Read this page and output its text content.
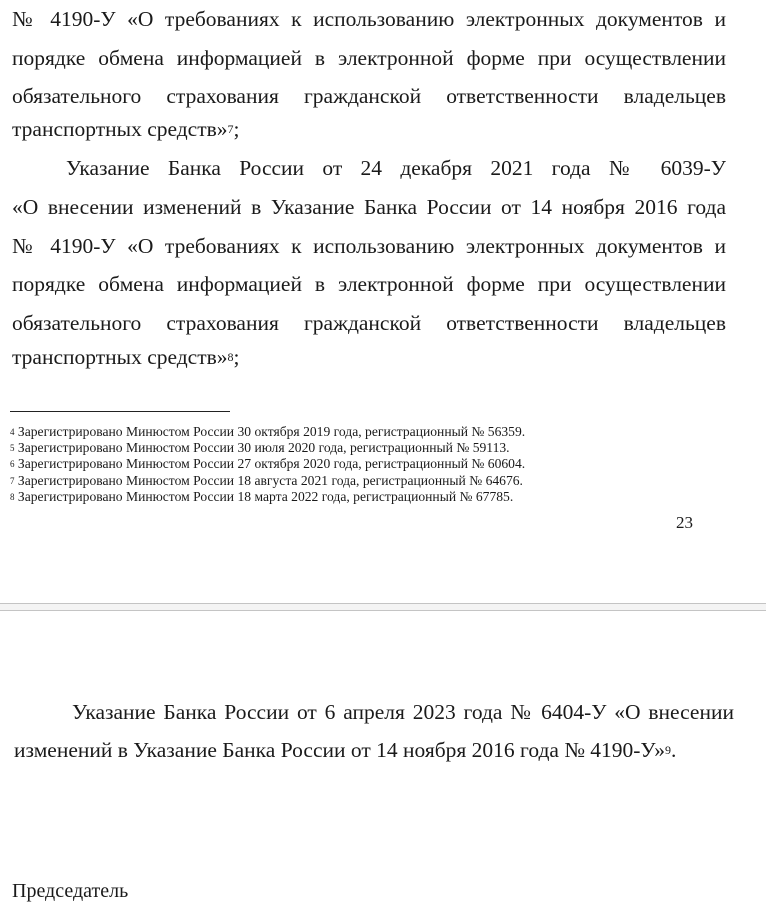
№ 4190-У «О требованиях к использованию электронных документов и
порядке обмена информацией в электронной форме при осуществлении
обязательного страхования гражданской ответственности владельцев
транспортных средств»$^7$;
Указание Банка России от 24 декабря 2021 года № 6039-У
«О внесении изменений в Указание Банка России от 14 ноября 2016 года
№ 4190-У «О требованиях к использованию электронных документов и
порядке обмена информацией в электронной форме при осуществлении
обязательного страхования гражданской ответственности владельцев
транспортных средств»$^8$;
$^4$ Зарегистрировано Минюстом России 30 октября 2019 года, регистрационный № 56359.
$^5$ Зарегистрировано Минюстом России 30 июля 2020 года, регистрационный № 59113.
$^6$ Зарегистрировано Минюстом России 27 октября 2020 года, регистрационный № 60604.
$^7$ Зарегистрировано Минюстом России 18 августа 2021 года, регистрационный № 64676.
$^8$ Зарегистрировано Минюстом России 18 марта 2022 года, регистрационный № 67785.
23
Указание Банка России от 6 апреля 2023 года № 6404-У «О внесении
изменений в Указание Банка России от 14 ноября 2016 года № 4190-У»$^9$.
Председатель
